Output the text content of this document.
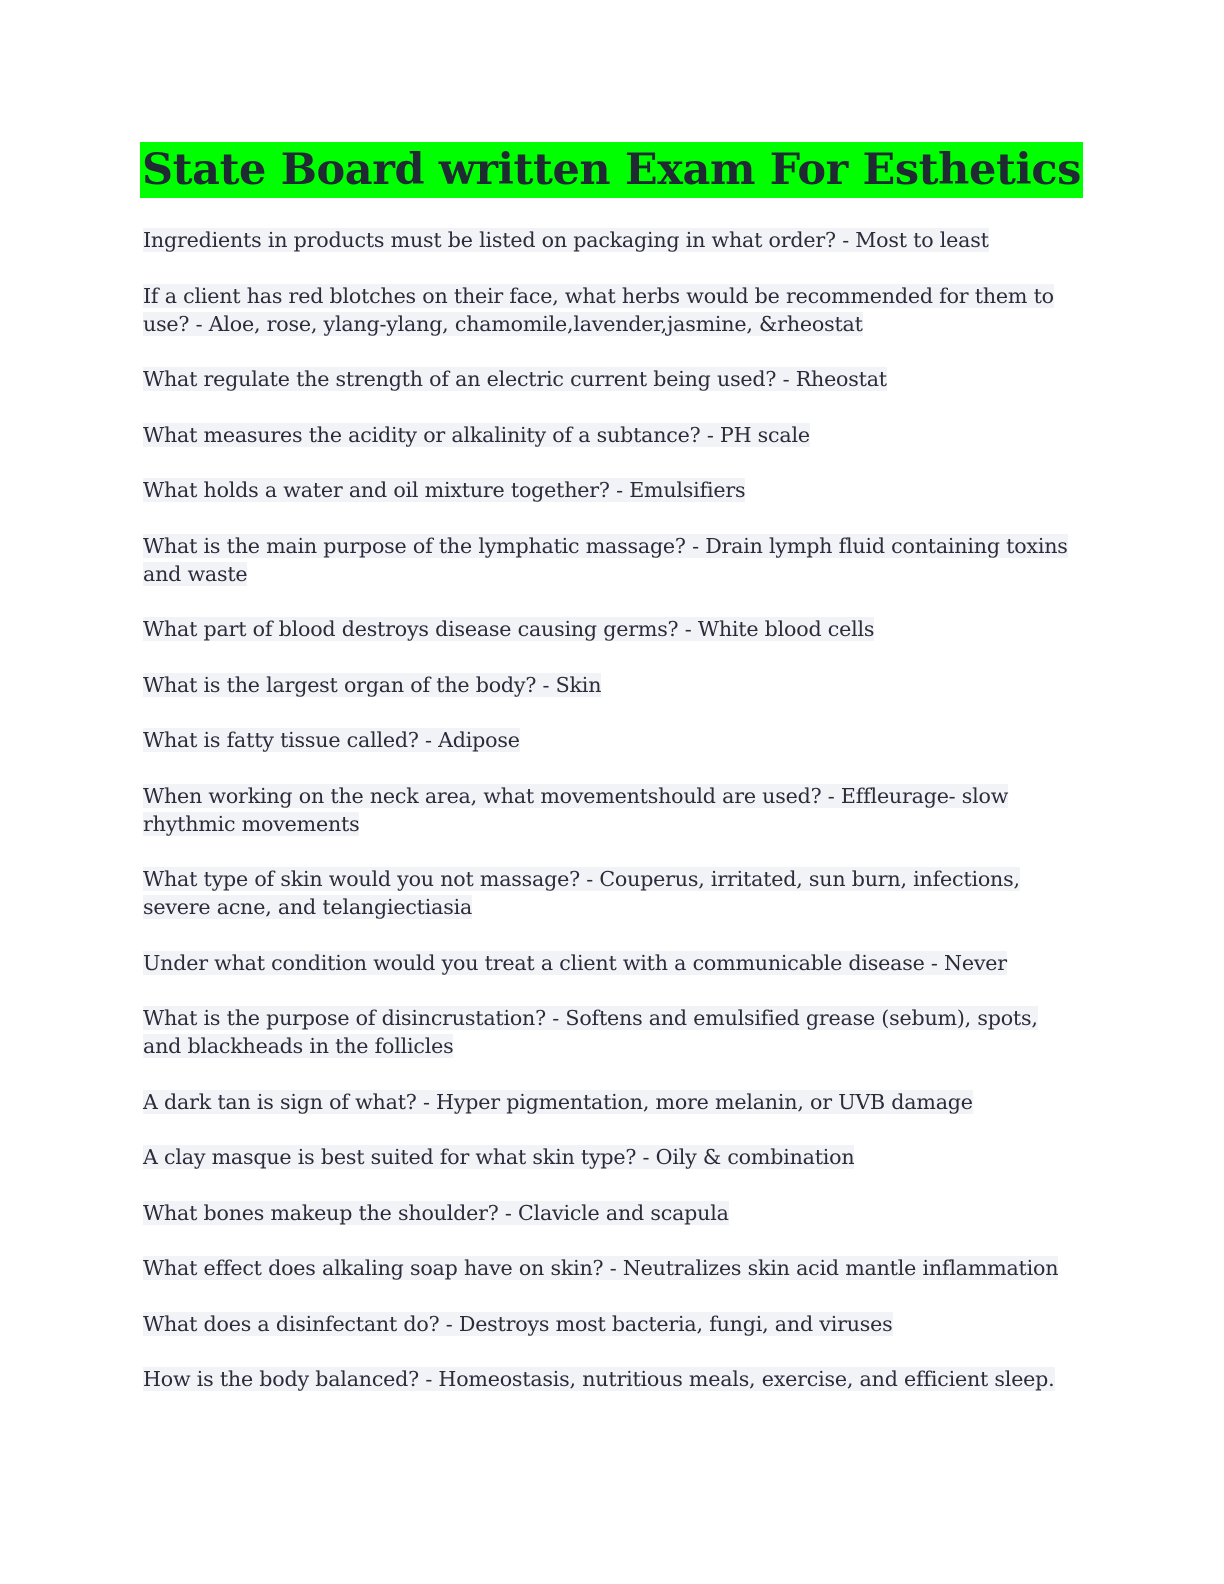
State Board written Exam For Esthetics

Ingredients in products must be listed on packaging in what order? - Most to least

If a client has red blotches on their face, what herbs would be recommended for them to use? - Aloe, rose, ylang-ylang, chamomile,lavender,jasmine, &rheostat

What regulate the strength of an electric current being used? - Rheostat

What measures the acidity or alkalinity of a subtance? - PH scale

What holds a water and oil mixture together? - Emulsifiers

What is the main purpose of the lymphatic massage? - Drain lymph fluid containing toxins and waste

What part of blood destroys disease causing germs? - White blood cells

What is the largest organ of the body? - Skin

What is fatty tissue called? - Adipose

When working on the neck area, what movementshould are used? - Effleurage- slow rhythmic movements

What type of skin would you not massage? - Couperus, irritated, sun burn, infections, severe acne, and telangiectiasia

Under what condition would you treat a client with a communicable disease - Never

What is the purpose of disincrustation? - Softens and emulsified grease (sebum), spots, and blackheads in the follicles

A dark tan is sign of what? - Hyper pigmentation, more melanin, or UVB damage

A clay masque is best suited for what skin type? - Oily & combination

What bones makeup the shoulder? - Clavicle and scapula

What effect does alkaling soap have on skin? - Neutralizes skin acid mantle inflammation

What does a disinfectant do? - Destroys most bacteria, fungi, and viruses

How is the body balanced? - Homeostasis, nutritious meals, exercise, and efficient sleep.
